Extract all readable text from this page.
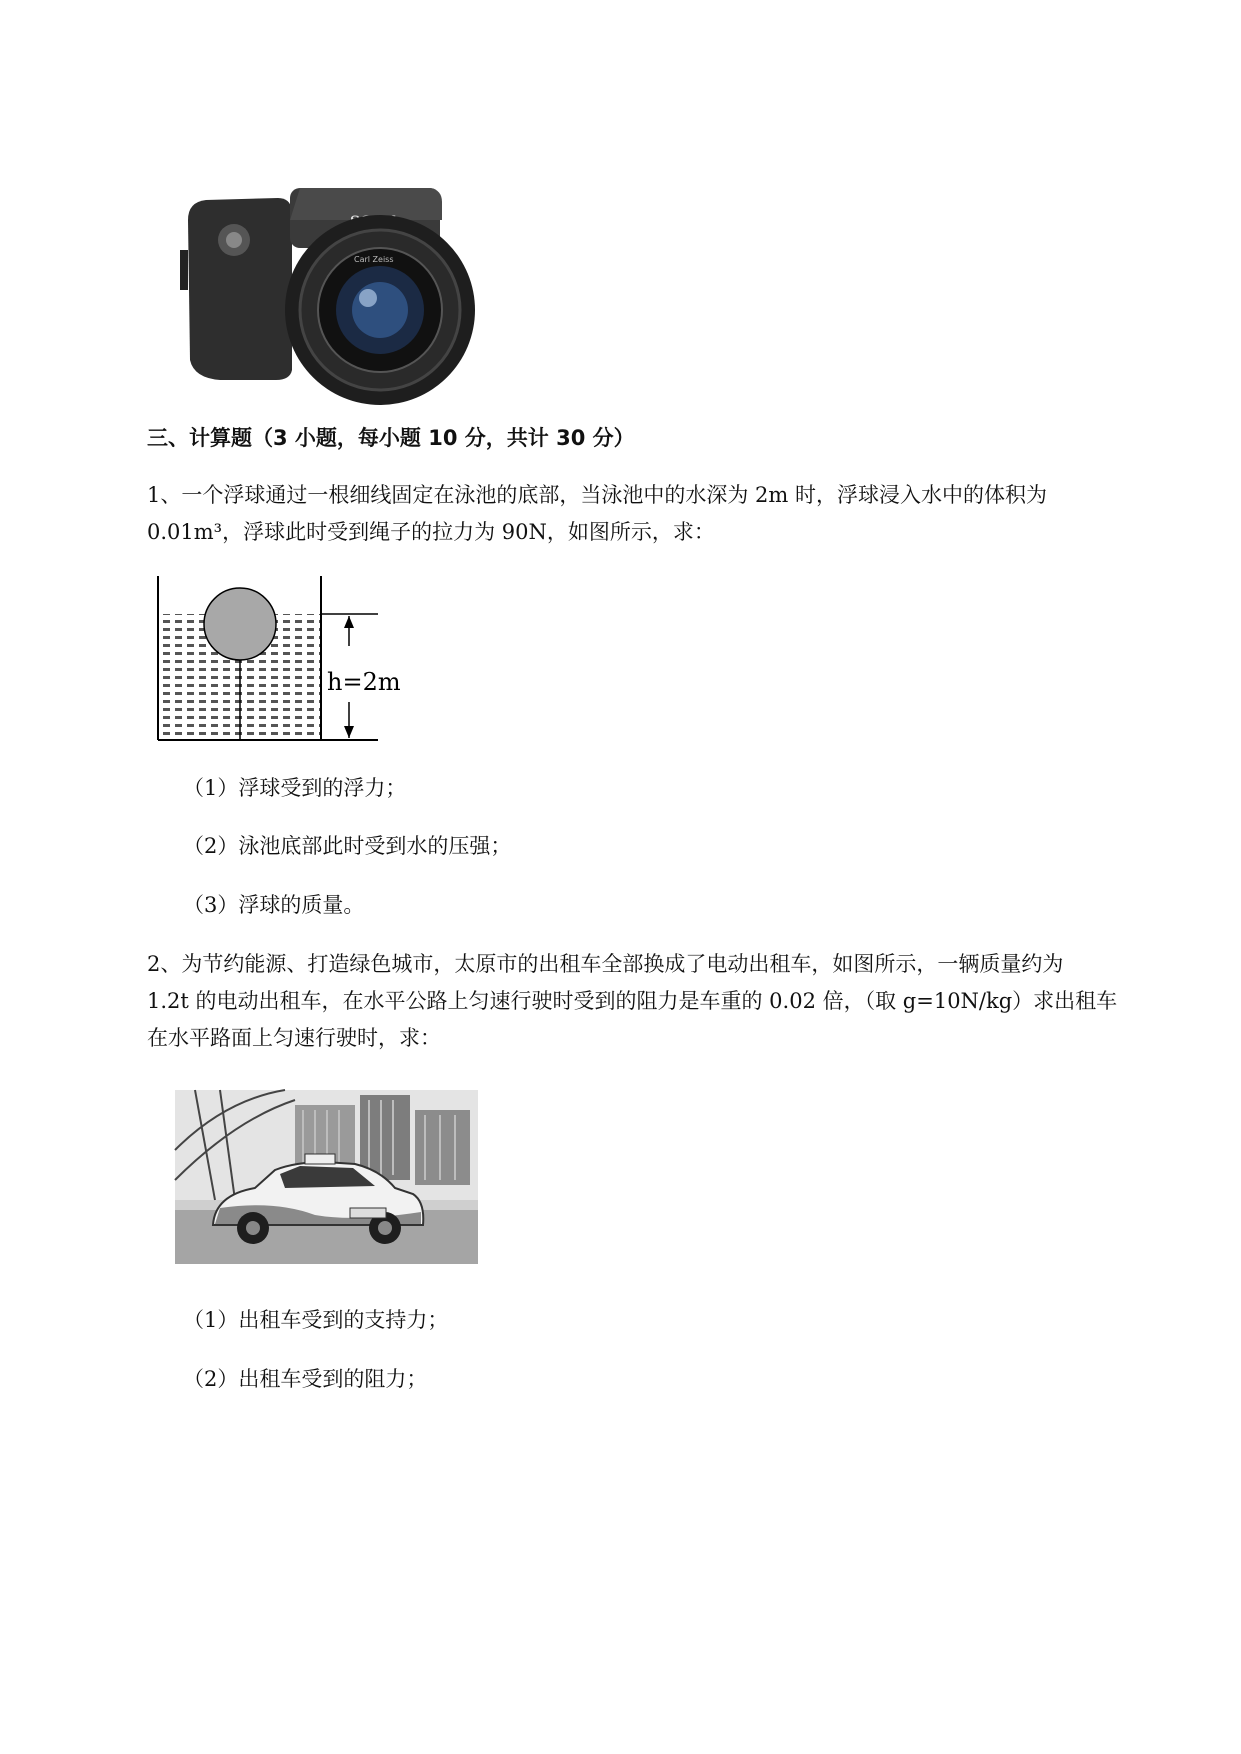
Carl Zeiss
三、计算题（3 小题，每小题 10 分，共计 30 分）
1、一个浮球通过一根细线固定在泳池的底部，当泳池中的水深为 2m 时，浮球浸入水中的体积为
0.01m³，浮球此时受到绳子的拉力为 90N，如图所示，求：
h=2m
（1）浮球受到的浮力；
（2）泳池底部此时受到水的压强；
（3）浮球的质量。
2、为节约能源、打造绿色城市，太原市的出租车全部换成了电动出租车，如图所示，一辆质量约为
1.2t 的电动出租车，在水平公路上匀速行驶时受到的阻力是车重的 0.02 倍，（取 g=10N/kg）求出租车
在水平路面上匀速行驶时，求：
（1）出租车受到的支持力；
（2）出租车受到的阻力；
